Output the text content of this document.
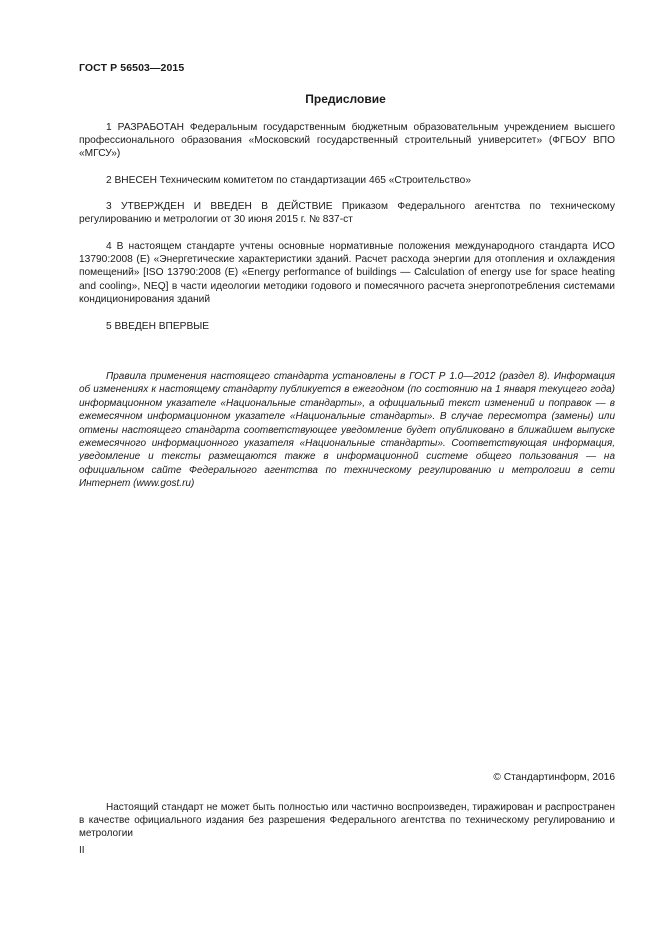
ГОСТ Р 56503—2015
Предисловие
1 РАЗРАБОТАН Федеральным государственным бюджетным образовательным учреждением высшего профессионального образования «Московский государственный строительный университет» (ФГБОУ ВПО «МГСУ»)
2 ВНЕСЕН Техническим комитетом по стандартизации 465 «Строительство»
3 УТВЕРЖДЕН И ВВЕДЕН В ДЕЙСТВИЕ Приказом Федерального агентства по техническому регулированию и метрологии от 30 июня 2015 г. № 837-ст
4 В настоящем стандарте учтены основные нормативные положения международного стандарта ИСО 13790:2008 (Е) «Энергетические характеристики зданий. Расчет расхода энергии для отопления и охлаждения помещений» [ISO 13790:2008 (E) «Energy performance of buildings — Calculation of energy use for space heating and cooling», NEQ] в части идеологии методики годового и помесячного расчета энергопотребления системами кондиционирования зданий
5 ВВЕДЕН ВПЕРВЫЕ
Правила применения настоящего стандарта установлены в ГОСТ Р 1.0—2012 (раздел 8). Информация об изменениях к настоящему стандарту публикуется в ежегодном (по состоянию на 1 января текущего года) информационном указателе «Национальные стандарты», а официальный текст изменений и поправок — в ежемесячном информационном указателе «Национальные стандарты». В случае пересмотра (замены) или отмены настоящего стандарта соответствующее уведомление будет опубликовано в ближайшем выпуске ежемесячного информационного указателя «Национальные стандарты». Соответствующая информация, уведомление и тексты размещаются также в информационной системе общего пользования — на официальном сайте Федерального агентства по техническому регулированию и метрологии в сети Интернет (www.gost.ru)
© Стандартинформ, 2016
Настоящий стандарт не может быть полностью или частично воспроизведен, тиражирован и распространен в качестве официального издания без разрешения Федерального агентства по техническому регулированию и метрологии
II
